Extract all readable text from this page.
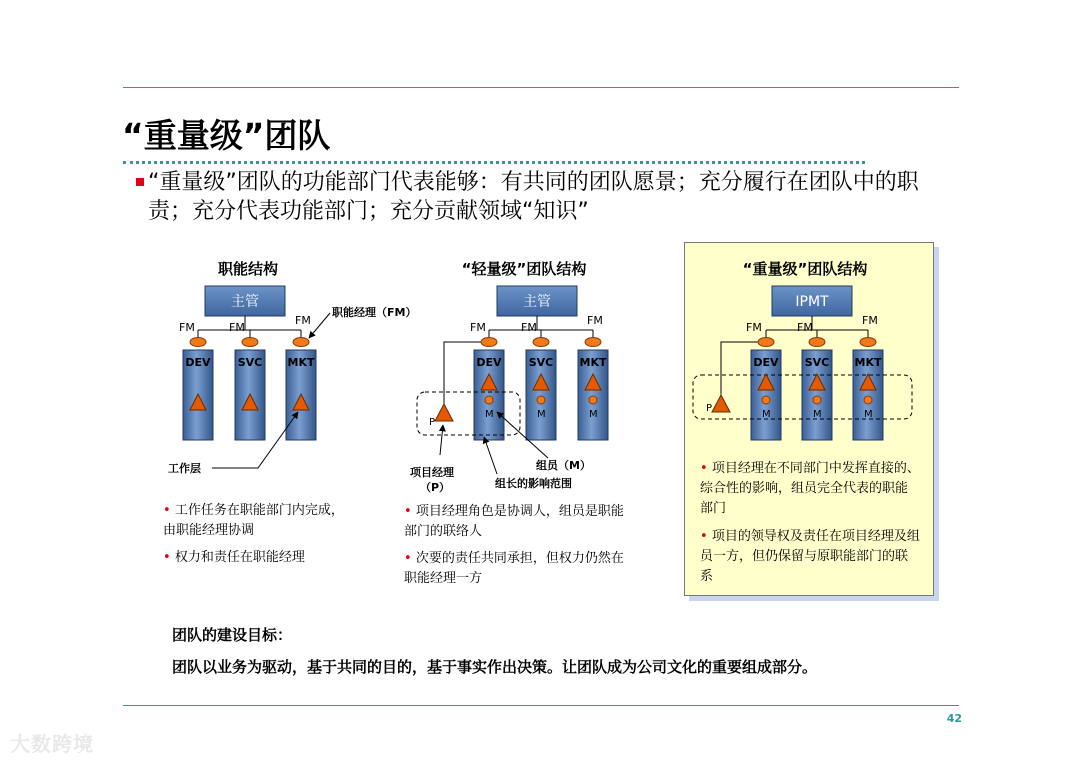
“重量级”团队
“重量级”团队的功能部门代表能够：有共同的团队愿景；充分履行在团队中的职责；充分代表功能部门；充分贡献领域“知识”
主管
DEV SVC MKT
FM	FM
FM
职能经理（FM）
工作层
主管
DEV SVC MKT
FM	FM
FM
M	M	M
P
项目经理
（P）
组员（M）
组长的影响范围
IPMT
DEV SVC MKT
FM	FM
FM
M	M	M
P
职能结构	“轻量级”团队结构	“重量级”团队结构
• 工作任务在职能部门内完成，由职能经理协调
• 权力和责任在职能经理
• 项目经理角色是协调人，组员是职能部门的联络人
• 次要的责任共同承担，但权力仍然在职能经理一方
• 项目经理在不同部门中发挥直接的、综合性的影响，组员完全代表的职能部门
• 项目的领导权及责任在项目经理及组员一方，但仍保留与原职能部门的联系
团队的建设目标：
团队以业务为驱动，基于共同的目的，基于事实作出决策。让团队成为公司文化的重要组成部分。
42
大数跨境
